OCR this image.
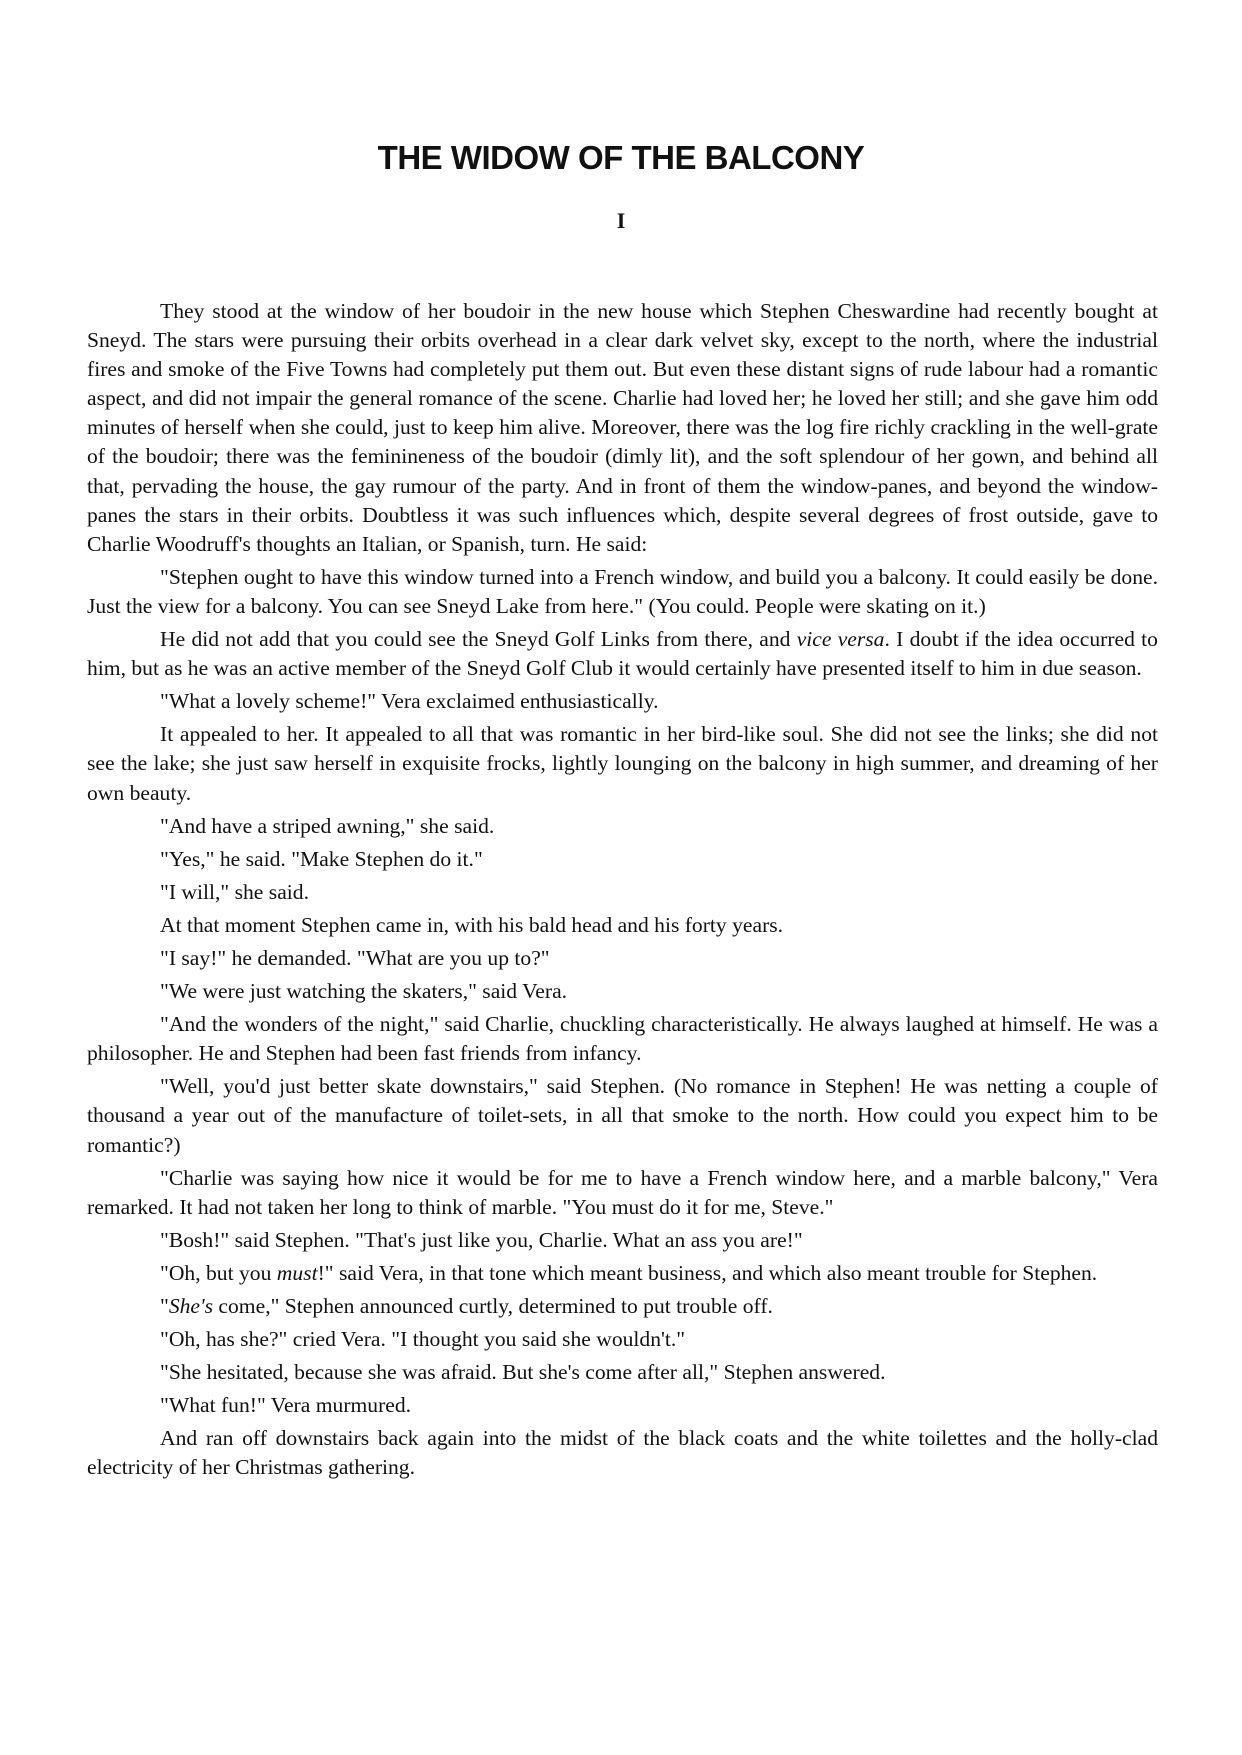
THE WIDOW OF THE BALCONY
I

They stood at the window of her boudoir in the new house which Stephen Cheswardine had recently bought at Sneyd. The stars were pursuing their orbits overhead in a clear dark velvet sky, except to the north, where the industrial fires and smoke of the Five Towns had completely put them out. But even these distant signs of rude labour had a romantic aspect, and did not impair the general romance of the scene. Charlie had loved her; he loved her still; and she gave him odd minutes of herself when she could, just to keep him alive. Moreover, there was the log fire richly crackling in the well-grate of the boudoir; there was the feminineness of the boudoir (dimly lit), and the soft splendour of her gown, and behind all that, pervading the house, the gay rumour of the party. And in front of them the window-panes, and beyond the window-panes the stars in their orbits. Doubtless it was such influences which, despite several degrees of frost outside, gave to Charlie Woodruff's thoughts an Italian, or Spanish, turn. He said:

"Stephen ought to have this window turned into a French window, and build you a balcony. It could easily be done. Just the view for a balcony. You can see Sneyd Lake from here." (You could. People were skating on it.)

He did not add that you could see the Sneyd Golf Links from there, and vice versa. I doubt if the idea occurred to him, but as he was an active member of the Sneyd Golf Club it would certainly have presented itself to him in due season.

"What a lovely scheme!" Vera exclaimed enthusiastically.

It appealed to her. It appealed to all that was romantic in her bird-like soul. She did not see the links; she did not see the lake; she just saw herself in exquisite frocks, lightly lounging on the balcony in high summer, and dreaming of her own beauty.

"And have a striped awning," she said.

"Yes," he said. "Make Stephen do it."

"I will," she said.

At that moment Stephen came in, with his bald head and his forty years.

"I say!" he demanded. "What are you up to?"

"We were just watching the skaters," said Vera.

"And the wonders of the night," said Charlie, chuckling characteristically. He always laughed at himself. He was a philosopher. He and Stephen had been fast friends from infancy.

"Well, you'd just better skate downstairs," said Stephen. (No romance in Stephen! He was netting a couple of thousand a year out of the manufacture of toilet-sets, in all that smoke to the north. How could you expect him to be romantic?)

"Charlie was saying how nice it would be for me to have a French window here, and a marble balcony," Vera remarked. It had not taken her long to think of marble. "You must do it for me, Steve."

"Bosh!" said Stephen. "That's just like you, Charlie. What an ass you are!"

"Oh, but you must!" said Vera, in that tone which meant business, and which also meant trouble for Stephen.

"She's come," Stephen announced curtly, determined to put trouble off.

"Oh, has she?" cried Vera. "I thought you said she wouldn't."

"She hesitated, because she was afraid. But she's come after all," Stephen answered.

"What fun!" Vera murmured.

And ran off downstairs back again into the midst of the black coats and the white toilettes and the holly-clad electricity of her Christmas gathering.
